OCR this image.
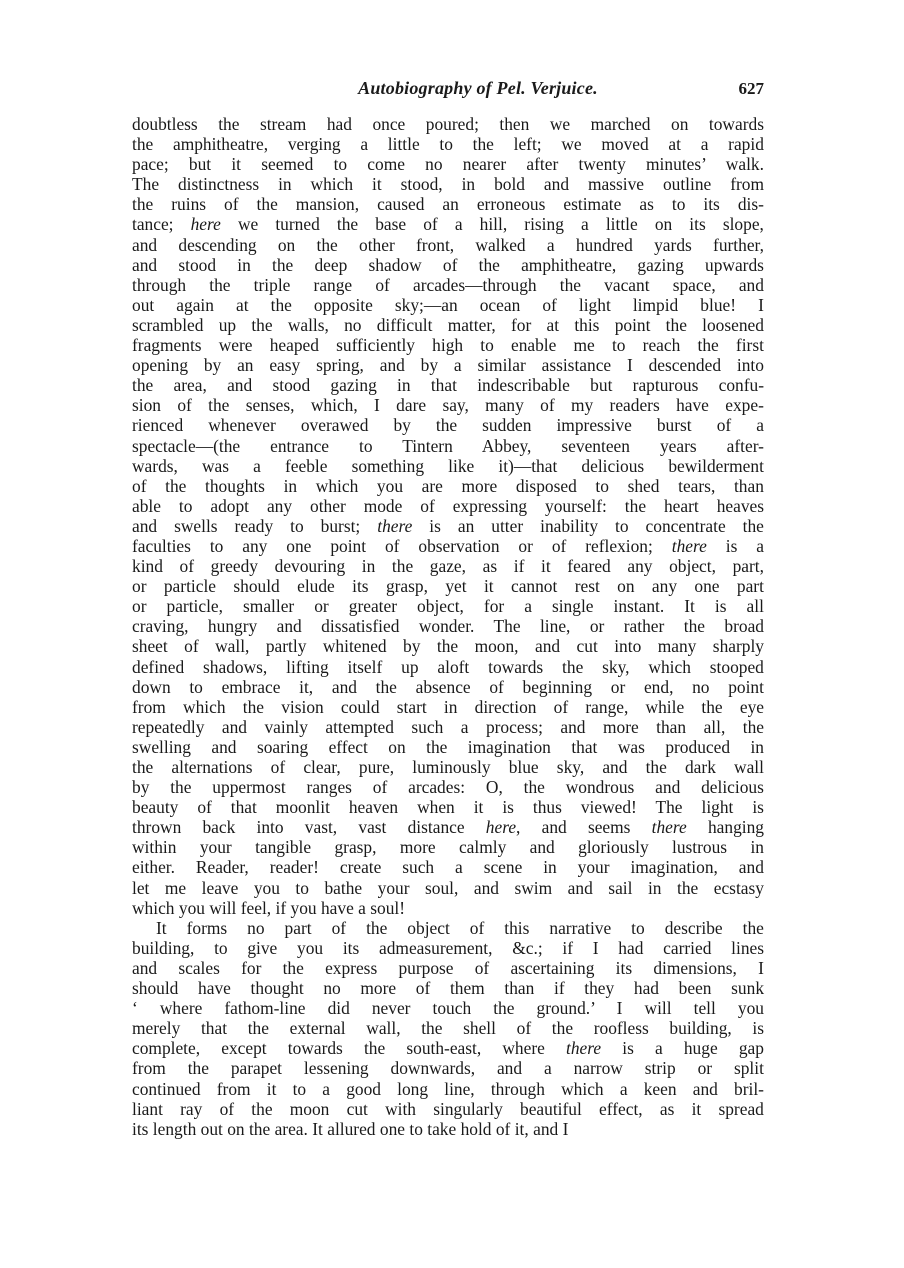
Autobiography of Pel. Verjuice.	627
doubtless the stream had once poured; then we marched on towards
the amphitheatre, verging a little to the left; we moved at a rapid
pace; but it seemed to come no nearer after twenty minutes’ walk.
The distinctness in which it stood, in bold and massive outline from
the ruins of the mansion, caused an erroneous estimate as to its dis-
tance; here we turned the base of a hill, rising a little on its slope,
and descending on the other front, walked a hundred yards further,
and stood in the deep shadow of the amphitheatre, gazing upwards
through the triple range of arcades—through the vacant space, and
out again at the opposite sky;—an ocean of light limpid blue! I
scrambled up the walls, no difficult matter, for at this point the loosened
fragments were heaped sufficiently high to enable me to reach the first
opening by an easy spring, and by a similar assistance I descended into
the area, and stood gazing in that indescribable but rapturous confu-
sion of the senses, which, I dare say, many of my readers have expe-
rienced whenever overawed by the sudden impressive burst of a
spectacle—(the entrance to Tintern Abbey, seventeen years after-
wards, was a feeble something like it)—that delicious bewilderment
of the thoughts in which you are more disposed to shed tears, than
able to adopt any other mode of expressing yourself: the heart heaves
and swells ready to burst; there is an utter inability to concentrate the
faculties to any one point of observation or of reflexion; there is a
kind of greedy devouring in the gaze, as if it feared any object, part,
or particle should elude its grasp, yet it cannot rest on any one part
or particle, smaller or greater object, for a single instant. It is all
craving, hungry and dissatisfied wonder. The line, or rather the broad
sheet of wall, partly whitened by the moon, and cut into many sharply
defined shadows, lifting itself up aloft towards the sky, which stooped
down to embrace it, and the absence of beginning or end, no point
from which the vision could start in direction of range, while the eye
repeatedly and vainly attempted such a process; and more than all, the
swelling and soaring effect on the imagination that was produced in
the alternations of clear, pure, luminously blue sky, and the dark wall
by the uppermost ranges of arcades: O, the wondrous and delicious
beauty of that moonlit heaven when it is thus viewed! The light is
thrown back into vast, vast distance here, and seems there hanging
within your tangible grasp, more calmly and gloriously lustrous in
either. Reader, reader! create such a scene in your imagination, and
let me leave you to bathe your soul, and swim and sail in the ecstasy
which you will feel, if you have a soul!
It forms no part of the object of this narrative to describe the
building, to give you its admeasurement, &c.; if I had carried lines
and scales for the express purpose of ascertaining its dimensions, I
should have thought no more of them than if they had been sunk
‘ where fathom-line did never touch the ground.’ I will tell you
merely that the external wall, the shell of the roofless building, is
complete, except towards the south-east, where there is a huge gap
from the parapet lessening downwards, and a narrow strip or split
continued from it to a good long line, through which a keen and bril-
liant ray of the moon cut with singularly beautiful effect, as it spread
its length out on the area. It allured one to take hold of it, and I
